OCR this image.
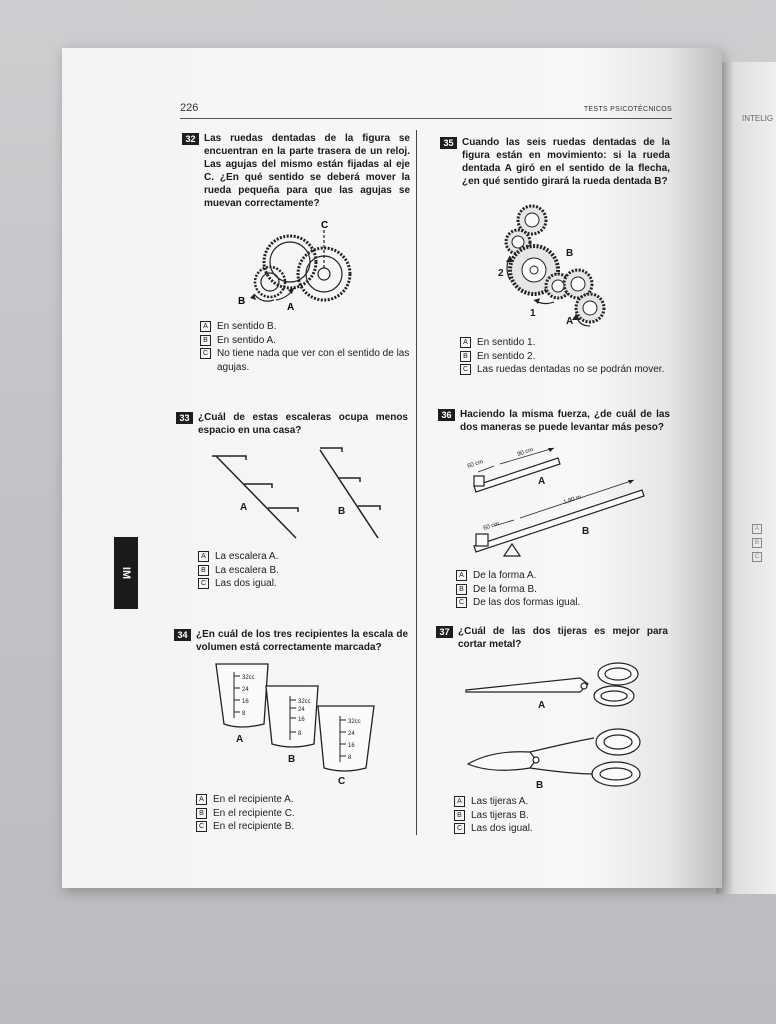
INTELIG
A
B
C
IM
226	TESTS PSICOTÉCNICOS
32 Las ruedas dentadas de la figura se encuentran en la parte trasera de un reloj. Las agujas del mismo están fijadas al eje C. ¿En qué sentido se deberá mover la rueda pequeña para que las agujas se muevan correctamente?
C
B
A
A En sentido B.
B En sentido A.
C No tiene nada que ver con el sentido de las agujas.
33 ¿Cuál de estas escaleras ocupa menos espacio en una casa?
A	B
A La escalera A.
B La escalera B.
C Las dos igual.
34 ¿En cuál de los tres recipientes la escala de volumen está correctamente marcada?
32cc
24
16
8
32cc
24
16
8
32cc
24
16
8
A
B
C
A En el recipiente A.
B En el recipiente C.
C En el recipiente B.
35 Cuando las seis ruedas dentadas de la figura están en movimiento: si la rueda dentada A giró en el sentido de la flecha, ¿en qué sentido girará la rueda dentada B?
B
2
1
A
A En sentido 1.
B En sentido 2.
C Las ruedas dentadas no se podrán mover.
36 Haciendo la misma fuerza, ¿de cuál de las dos maneras se puede levantar más peso?
60 cm
90 cm
60 cm
1,80 m
A
B
A De la forma A.
B De la forma B.
C De las dos formas igual.
37 ¿Cuál de las dos tijeras es mejor para cortar metal?
A
B
A Las tijeras A.
B Las tijeras B.
C Las dos igual.
